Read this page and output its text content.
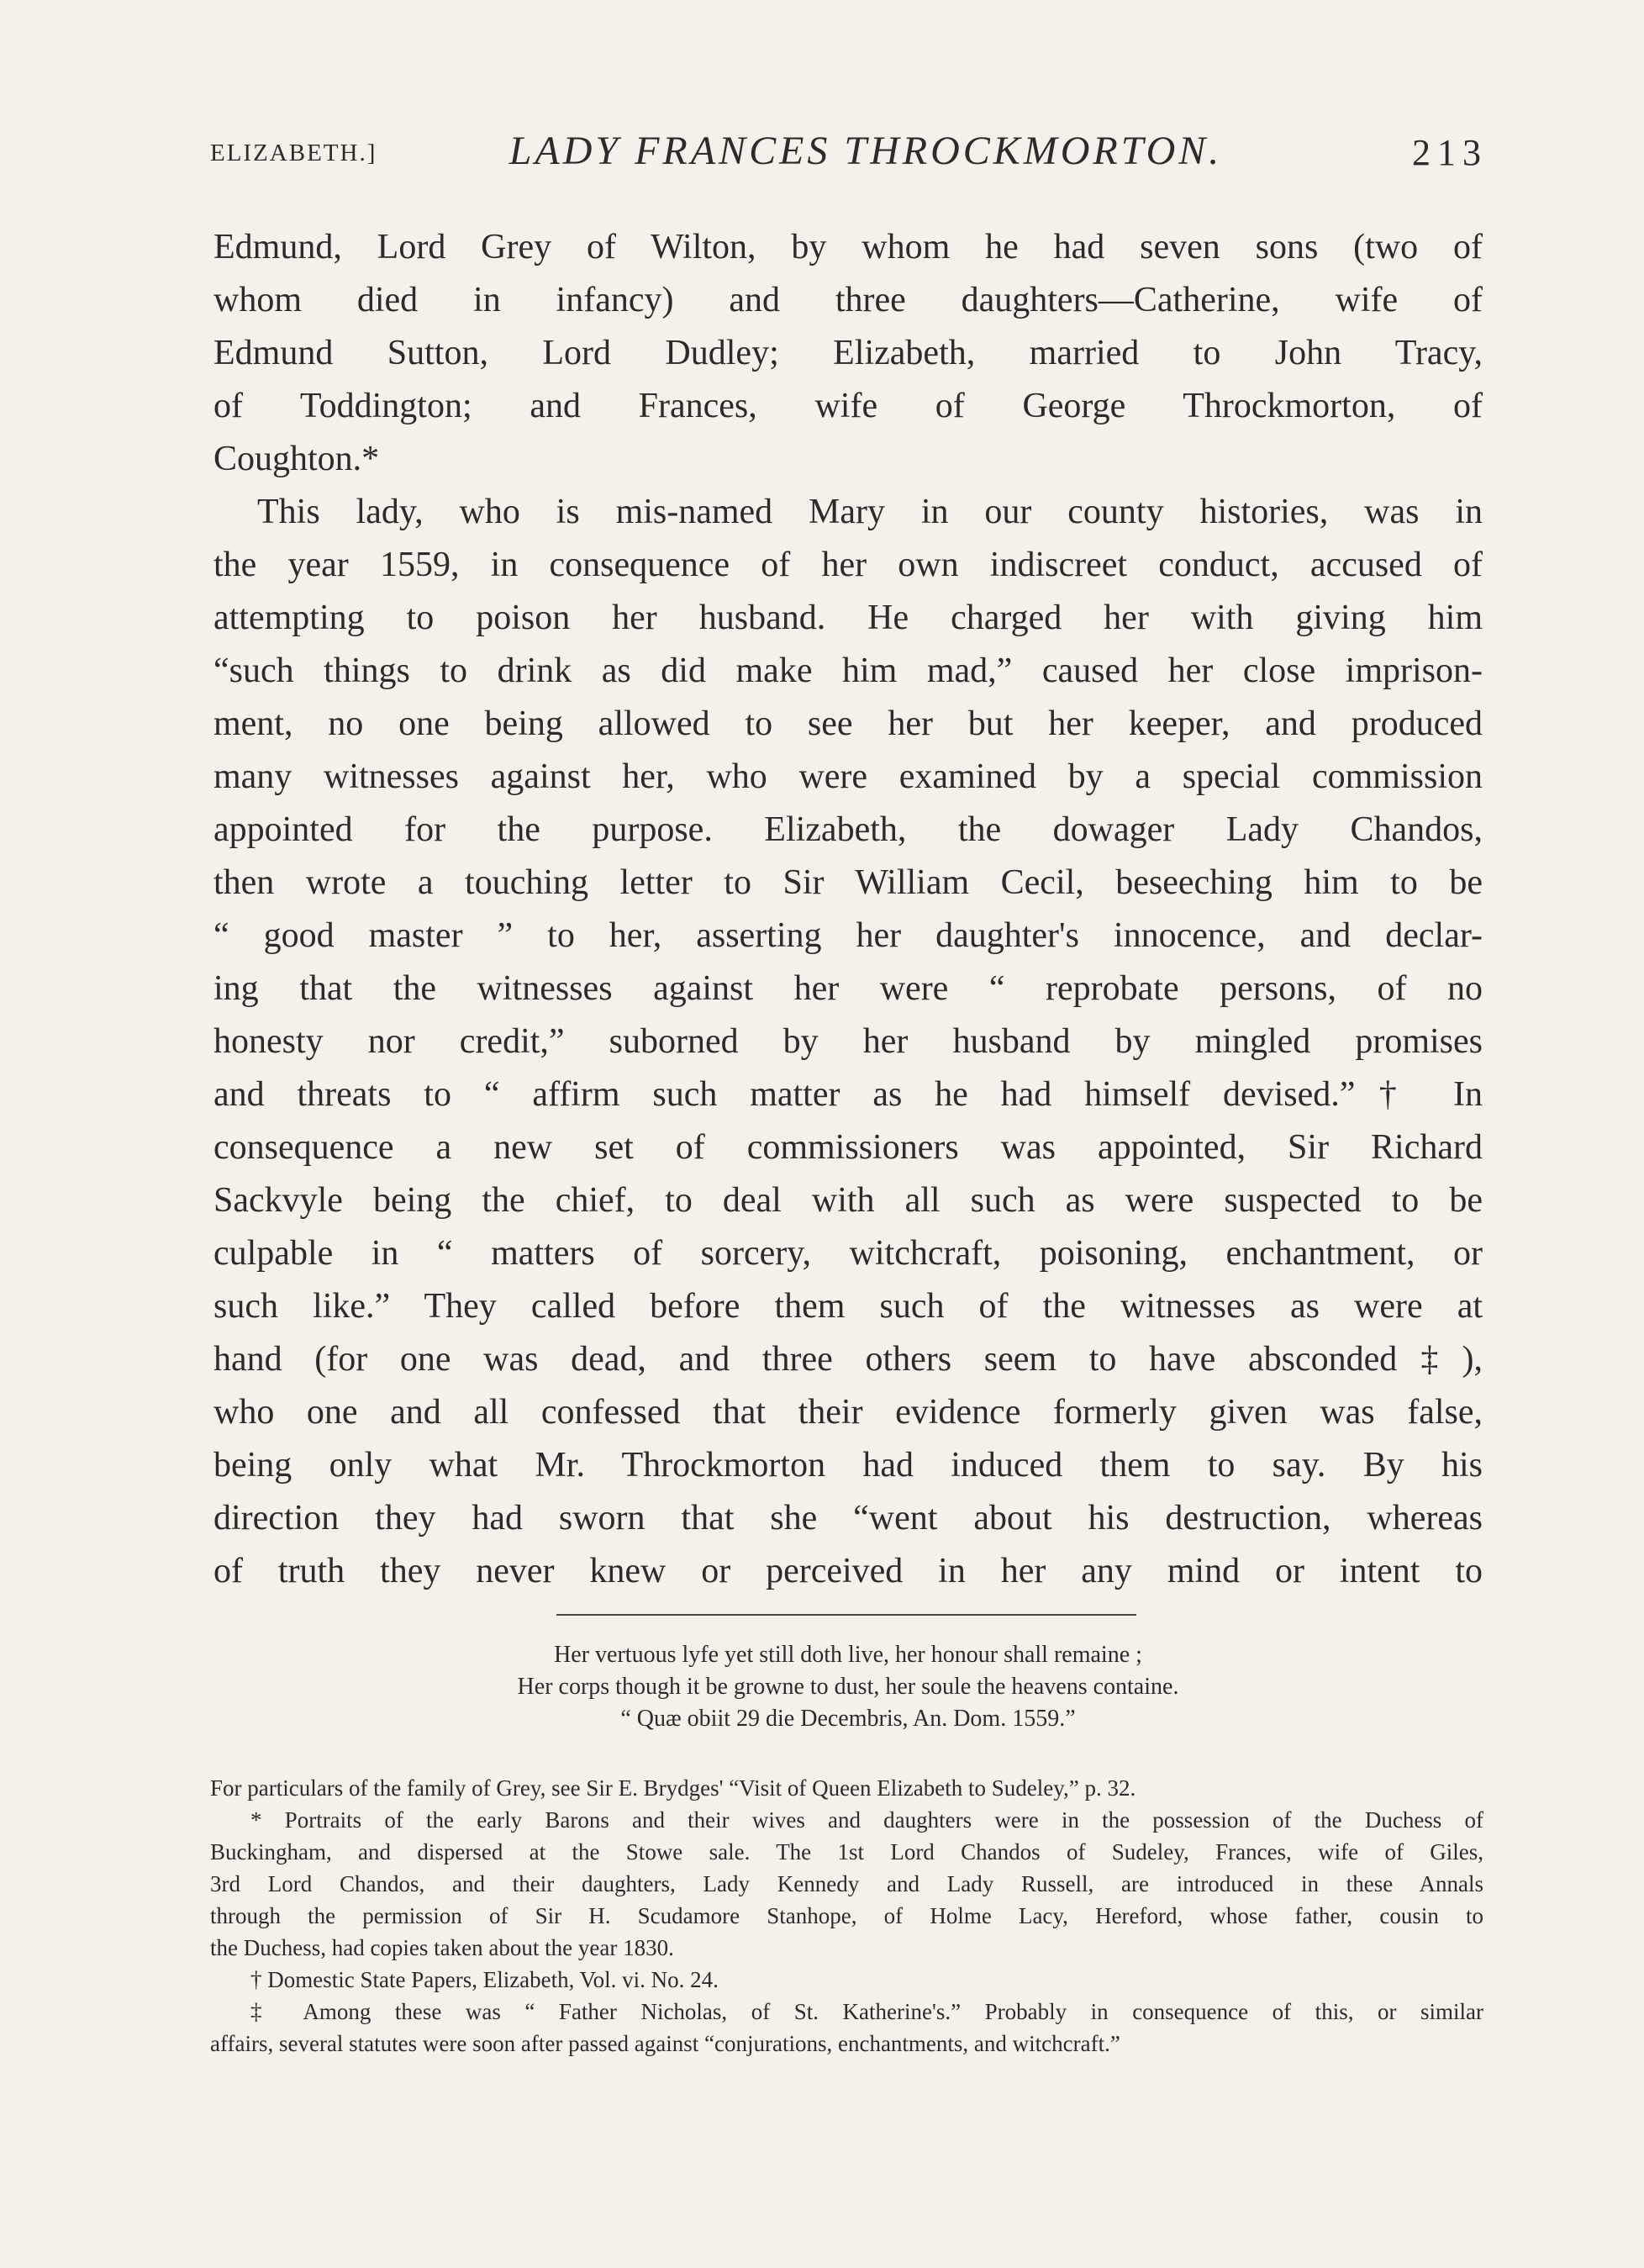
ELIZABETH.]	LADY FRANCES THROCKMORTON.	213
Edmund, Lord Grey of Wilton, by whom he had seven sons (two of
whom died in infancy) and three daughters—Catherine, wife of
Edmund Sutton, Lord Dudley; Elizabeth, married to John Tracy,
of Toddington; and Frances, wife of George Throckmorton, of
Coughton.*
This lady, who is mis-named Mary in our county histories, was in
the year 1559, in consequence of her own indiscreet conduct, accused of
attempting to poison her husband. He charged her with giving him
“such things to drink as did make him mad,” caused her close imprison-
ment, no one being allowed to see her but her keeper, and produced
many witnesses against her, who were examined by a special commission
appointed for the purpose. Elizabeth, the dowager Lady Chandos,
then wrote a touching letter to Sir William Cecil, beseeching him to be
“ good master ” to her, asserting her daughter's innocence, and declar-
ing that the witnesses against her were “ reprobate persons, of no
honesty nor credit,” suborned by her husband by mingled promises
and threats to “ affirm such matter as he had himself devised.”† In
consequence a new set of commissioners was appointed, Sir Richard
Sackvyle being the chief, to deal with all such as were suspected to be
culpable in “ matters of sorcery, witchcraft, poisoning, enchantment, or
such like.” They called before them such of the witnesses as were at
hand (for one was dead, and three others seem to have absconded‡),
who one and all confessed that their evidence formerly given was false,
being only what Mr. Throckmorton had induced them to say. By his
direction they had sworn that she “went about his destruction, whereas
of truth they never knew or perceived in her any mind or intent to
Her vertuous lyfe yet still doth live, her honour shall remaine ;
Her corps though it be growne to dust, her soule the heavens containe.
“ Quæ obiit 29 die Decembris, An. Dom. 1559.”
For particulars of the family of Grey, see Sir E. Brydges' “Visit of Queen Elizabeth to Sudeley,” p. 32.
* Portraits of the early Barons and their wives and daughters were in the possession of the Duchess of
Buckingham, and dispersed at the Stowe sale. The 1st Lord Chandos of Sudeley, Frances, wife of Giles,
3rd Lord Chandos, and their daughters, Lady Kennedy and Lady Russell, are introduced in these Annals
through the permission of Sir H. Scudamore Stanhope, of Holme Lacy, Hereford, whose father, cousin to
the Duchess, had copies taken about the year 1830.
† Domestic State Papers, Elizabeth, Vol. vi. No. 24.
‡ Among these was “ Father Nicholas, of St. Katherine's.” Probably in consequence of this, or similar
affairs, several statutes were soon after passed against “conjurations, enchantments, and witchcraft.”
